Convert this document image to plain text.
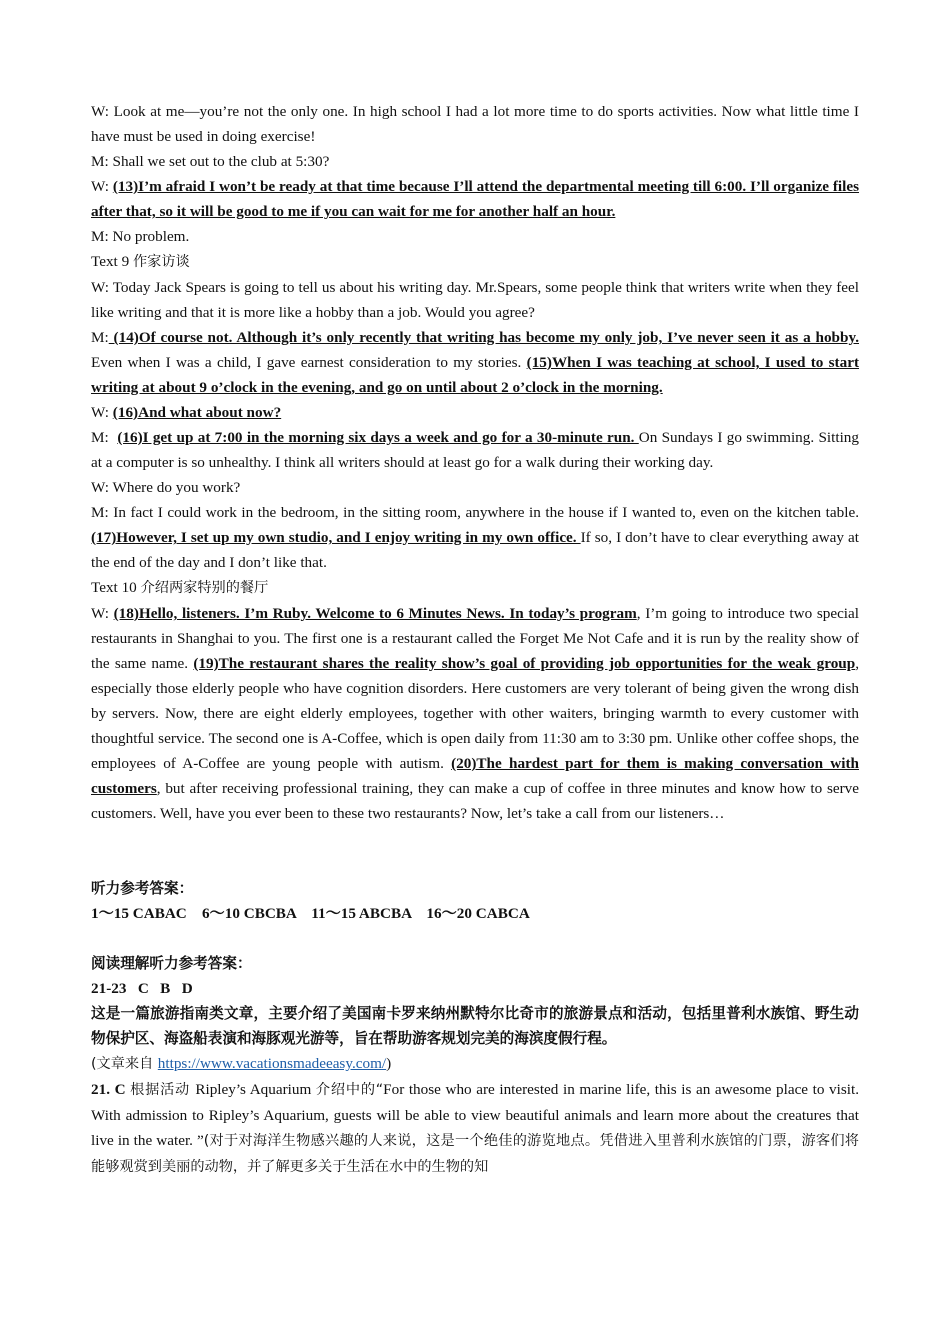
W: Look at me—you’re not the only one. In high school I had a lot more time to do sports activities. Now what little time I have must be used in doing exercise!

M: Shall we set out to the club at 5:30?

W: (13)I’m afraid I won’t be ready at that time because I’ll attend the departmental meeting till 6:00. I’ll organize files after that, so it will be good to me if you can wait for me for another half an hour.

M: No problem.

Text 9 作家访谈

W: Today Jack Spears is going to tell us about his writing day. Mr.Spears, some people think that writers write when they feel like writing and that it is more like a hobby than a job. Would you agree?

M: (14)Of course not. Although it’s only recently that writing has become my only job, I’ve never seen it as a hobby. Even when I was a child, I gave earnest consideration to my stories. (15)When I was teaching at school, I used to start writing at about 9 o’clock in the evening, and go on until about 2 o’clock in the morning.

W: (16)And what about now?

M:  (16)I get up at 7:00 in the morning six days a week and go for a 30-minute run. On Sundays I go swimming. Sitting at a computer is so unhealthy. I think all writers should at least go for a walk during their working day.

W: Where do you work?

M: In fact I could work in the bedroom, in the sitting room, anywhere in the house if I wanted to, even on the kitchen table. (17)However, I set up my own studio, and I enjoy writing in my own office. If so, I don’t have to clear everything away at the end of the day and I don’t like that.

Text 10 介绍两家特别的餐厅

W: (18)Hello, listeners. I’m Ruby. Welcome to 6 Minutes News. In today’s program, I’m going to introduce two special restaurants in Shanghai to you. The first one is a restaurant called the Forget Me Not Cafe and it is run by the reality show of the same name. (19)The restaurant shares the reality show’s goal of providing job opportunities for the weak group, especially those elderly people who have cognition disorders. Here customers are very tolerant of being given the wrong dish by servers. Now, there are eight elderly employees, together with other waiters, bringing warmth to every customer with thoughtful service. The second one is A-Coffee, which is open daily from 11:30 am to 3:30 pm. Unlike other coffee shops, the employees of A-Coffee are young people with autism. (20)The hardest part for them is making conversation with customers, but after receiving professional training, they can make a cup of coffee in three minutes and know how to serve customers. Well, have you ever been to these two restaurants? Now, let’s take a call from our listeners…

听力参考答案：

1～15 CABAC    6～10 CBCBA    11～15 ABCBA    16～20 CABCA

阅读理解听力参考答案：

21-23   C   B   D

这是一篇旅游指南类文章，主要介绍了美国南卡罗来纳州默特尔比奇市的旅游景点和活动，包括里普利水族馆、野生动物保护区、海盗船表演和海豚观光游等，旨在帮助游客规划完美的海滨度假行程。

(文章来自 https://www.vacationsmadeeasy.com/)

21. C 根据活动 Ripley’s Aquarium 介绍中的“For those who are interested in marine life, this is an awesome place to visit. With admission to Ripley’s Aquarium, guests will be able to view beautiful animals and learn more about the creatures that live in the water. ”(对于对海洋生物感兴趣的人来说，这是一个绝佳的游览地点。凭借进入里普利水族馆的门票，游客们将能够观赏到美丽的动物，并了解更多关于生活在水中的生物的知
